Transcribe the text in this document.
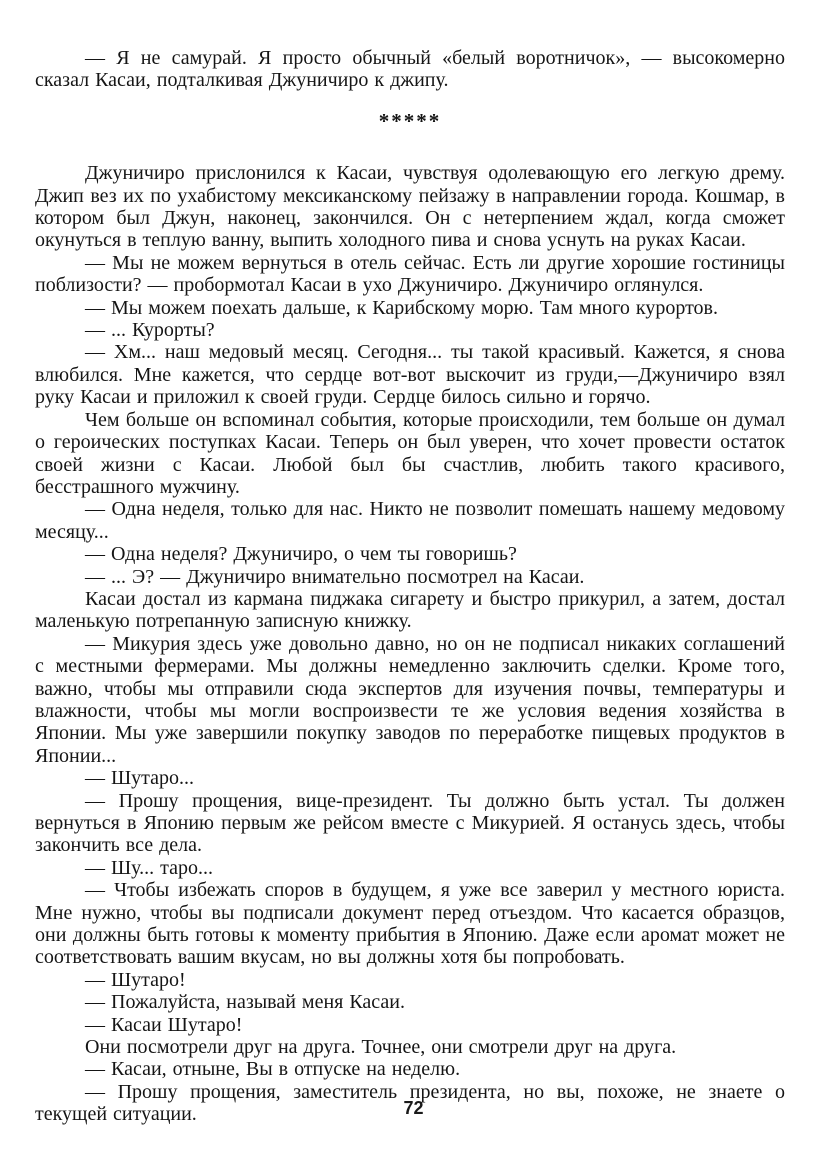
— Я не самурай. Я просто обычный «белый воротничок», — высокомерно сказал Касаи, подталкивая Джуничиро к джипу.

*****

Джуничиро прислонился к Касаи, чувствуя одолевающую его легкую дрему. Джип вез их по ухабистому мексиканскому пейзажу в направлении города. Кошмар, в котором был Джун, наконец, закончился. Он с нетерпением ждал, когда сможет окунуться в теплую ванну, выпить холодного пива и снова уснуть на руках Касаи.

— Мы не можем вернуться в отель сейчас. Есть ли другие хорошие гостиницы поблизости? — пробормотал Касаи в ухо Джуничиро. Джуничиро оглянулся.

— Мы можем поехать дальше, к Карибскому морю. Там много курортов.

— ... Курорты?

— Хм... наш медовый месяц. Сегодня... ты такой красивый. Кажется, я снова влюбился. Мне кажется, что сердце вот-вот выскочит из груди,—Джуничиро взял руку Касаи и приложил к своей груди. Сердце билось сильно и горячо.

Чем больше он вспоминал события, которые происходили, тем больше он думал о героических поступках Касаи. Теперь он был уверен, что хочет провести остаток своей жизни с Касаи. Любой был бы счастлив, любить такого красивого, бесстрашного мужчину.

— Одна неделя, только для нас. Никто не позволит помешать нашему медовому месяцу...

— Одна неделя? Джуничиро, о чем ты говоришь?

— ... Э? — Джуничиро внимательно посмотрел на Касаи.

Касаи достал из кармана пиджака сигарету и быстро прикурил, а затем, достал маленькую потрепанную записную книжку.

— Микурия здесь уже довольно давно, но он не подписал никаких соглашений с местными фермерами. Мы должны немедленно заключить сделки. Кроме того, важно, чтобы мы отправили сюда экспертов для изучения почвы, температуры и влажности, чтобы мы могли воспроизвести те же условия ведения хозяйства в Японии. Мы уже завершили покупку заводов по переработке пищевых продуктов в Японии...

— Шутаро...

— Прошу прощения, вице-президент. Ты должно быть устал. Ты должен вернуться в Японию первым же рейсом вместе с Микурией. Я останусь здесь, чтобы закончить все дела.

— Шу... таро...

— Чтобы избежать споров в будущем, я уже все заверил у местного юриста. Мне нужно, чтобы вы подписали документ перед отъездом. Что касается образцов, они должны быть готовы к моменту прибытия в Японию. Даже если аромат может не соответствовать вашим вкусам, но вы должны хотя бы попробовать.

— Шутаро!

— Пожалуйста, называй меня Касаи.

— Касаи Шутаро!

Они посмотрели друг на друга. Точнее, они смотрели друг на друга.

— Касаи, отныне, Вы в отпуске на неделю.

— Прошу прощения, заместитель президента, но вы, похоже, не знаете о текущей ситуации.	72
